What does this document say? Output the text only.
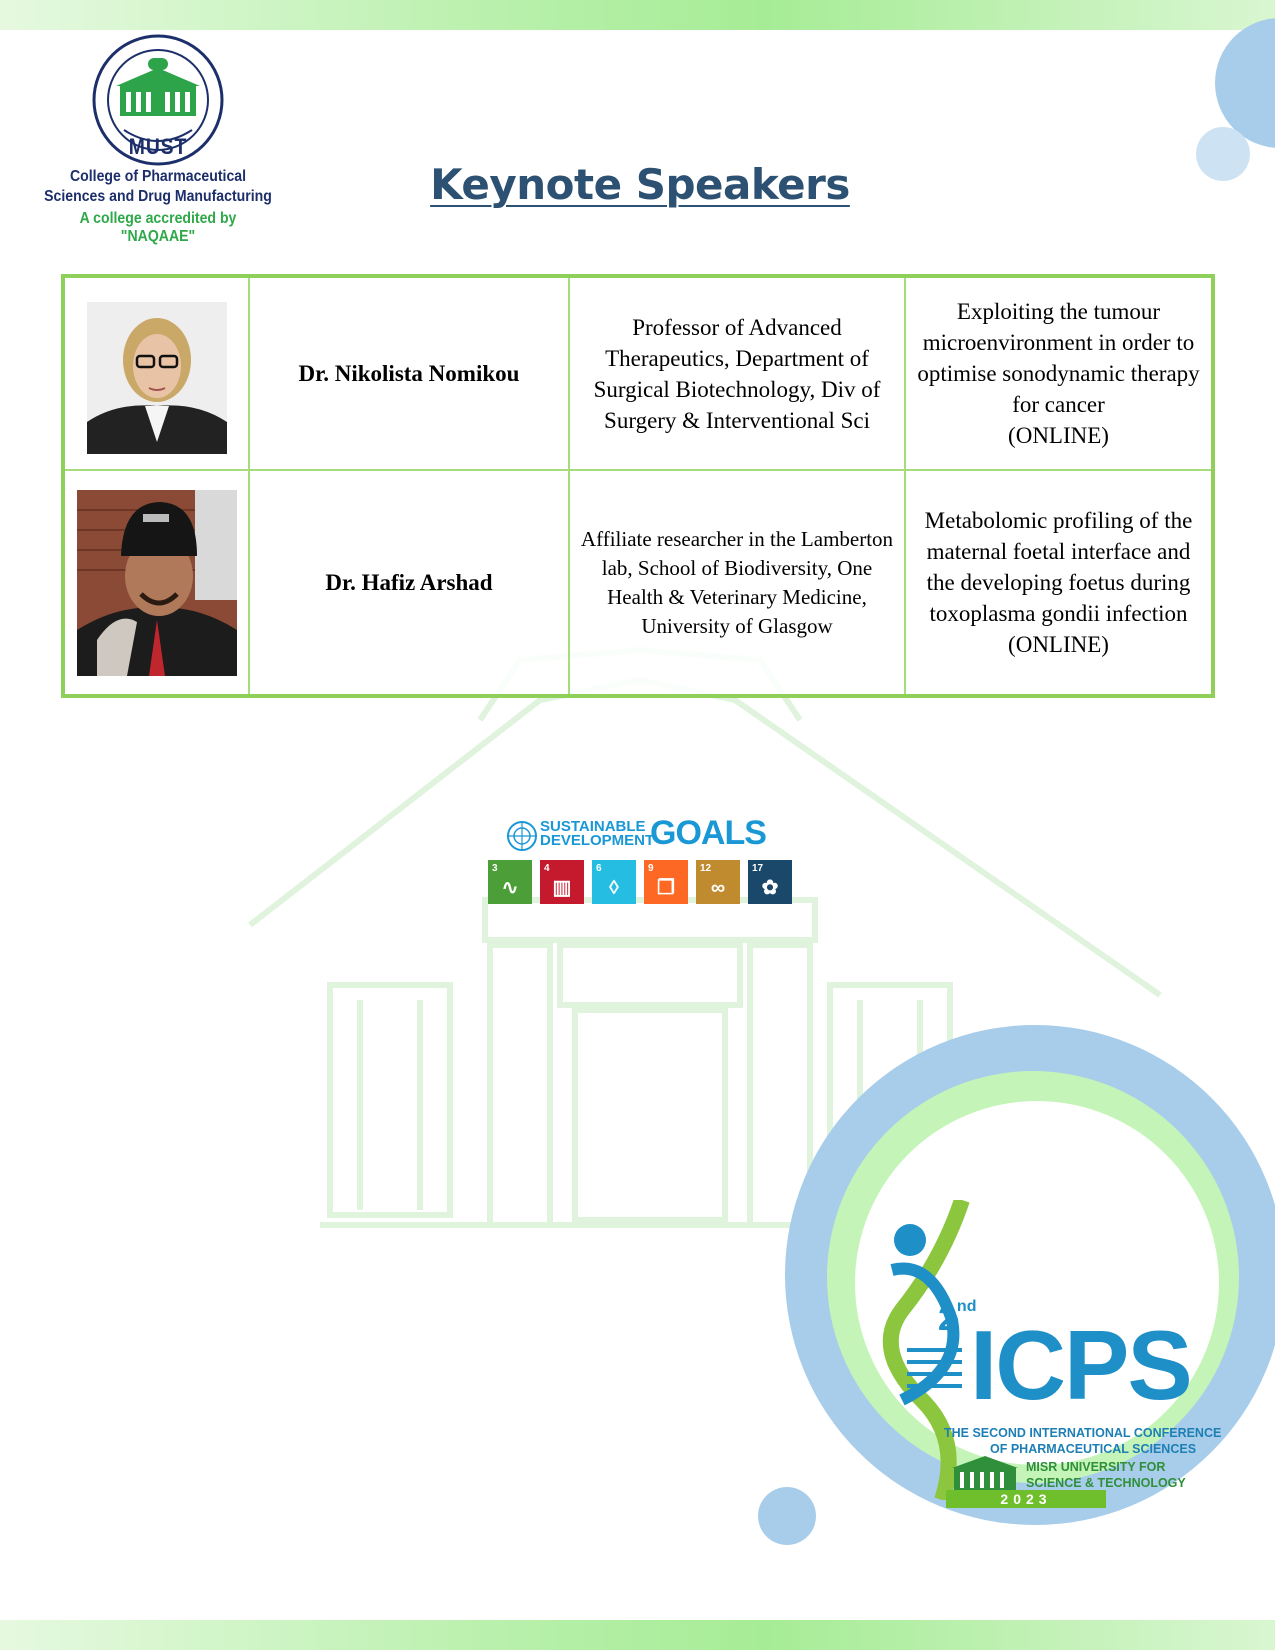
MUST
College of Pharmaceutical
Sciences and Drug Manufacturing
A college accredited by "NAQAAE"
Keynote Speakers
	Dr. Nikolista Nomikou	Professor of Advanced Therapeutics, Department of Surgical Biotechnology, Div of Surgery & Interventional Sci	Exploiting the tumour microenvironment in order to optimise sonodynamic therapy for cancer
(ONLINE)

	Dr. Hafiz Arshad	Affiliate researcher in the Lamberton lab, School of Biodiversity, One Health & Veterinary Medicine, University of Glasgow	Metabolomic profiling of the maternal foetal interface and the developing foetus during toxoplasma gondii infection
(ONLINE)
SUSTAINABLE
DEVELOPMENT
GOALS
3
∿
4
▥
6
◊
9
❒
12
∞
17
✿
2nd
ICPS
THE SECOND INTERNATIONAL CONFERENCE
OF PHARMACEUTICAL SCIENCES
MISR UNIVERSITY FOR
SCIENCE & TECHNOLOGY
2023
